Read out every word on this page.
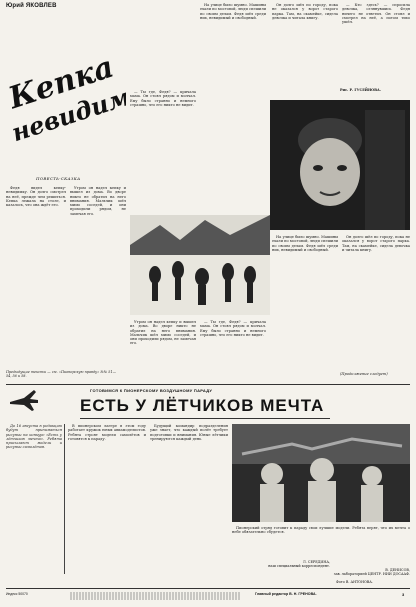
Юрий ЯКОВЛЕВ
Кепка
невидимка
ПОВЕСТЬ-СКАЗКА

Федя видел кепку-невидимку. Он долго смотрел на неё, прежде чем решиться. Кепка лежала на столе, и казалось, что она ждёт его.

Утром он надел кепку и вышел из дома. Во дворе никто не обратил на него внимания. Мальчик шёл мимо соседей, и они проходили рядом, не замечая его.

Предыдущие тексты — см. «Пионерскую правду» №№ 51—54, 56 и 58.

— Ты где, Федя? — кричала мама. Он стоял рядом и молчал. Ему было странно и немного страшно, что его никто не видит.

На улице было шумно. Машины ехали по мостовой, люди спешили по своим делам. Федя шёл среди них, невидимый и свободный.

Он долго шёл по городу, пока не оказался у ворот старого парка. Там, на скамейке, сидела девочка и читала книгу.

— Кто здесь? — спросила девочка, оглянувшись. Федя ничего не ответил. Он стоял и смотрел на неё, а потом тихо ушёл.

Утром он надел кепку и вышел из дома. Во дворе никто не обратил на него внимания. Мальчик шёл мимо соседей, и они проходили рядом, не замечая его.

— Ты где, Федя? — кричала мама. Он стоял рядом и молчал. Ему было странно и немного страшно, что его никто не видит.

На улице было шумно. Машины ехали по мостовой, люди спешили по своим делам. Федя шёл среди них, невидимый и свободный.

Он долго шёл по городу, пока не оказался у ворот старого парка. Там, на скамейке, сидела девочка и читала книгу.

(Продолжение следует)
Рис. Р. ГУСЕЙНОВА.
ГОТОВИМСЯ К ПИОНЕРСКОМУ ВОЗДУШНОМУ ПАРАДУ
ЕСТЬ У ЛЁТЧИКОВ МЕЧТА

До 16 августа в редакцию будут приниматься рисунки на конкурс «Есть у лётчиков мечта». Ребята присылают модели и рисунки самолётов.

В пионерском лагере в этом году работает кружок юных авиамоделистов. Ребята строят модели самолётов и готовятся к параду.

Будущий командир подразделения уже знает, что каждый полёт требует подготовки и внимания. Юные лётчики тренируются каждый день.

Л. СЕРЕДИНА,
наш специальный корреспондент.
Фото В. АНТОНОВА.

Пионерский отряд готовит к параду свои лучшие модели. Ребята верят, что их мечта о небе обязательно сбудется.

В. ДЕНИСОВ,
зав. лабораторией ЦЕНТР. НИИ ДОСААФ.
Индекс 50070	Главный редактор В. Н. ГРЕНОВА.	3
